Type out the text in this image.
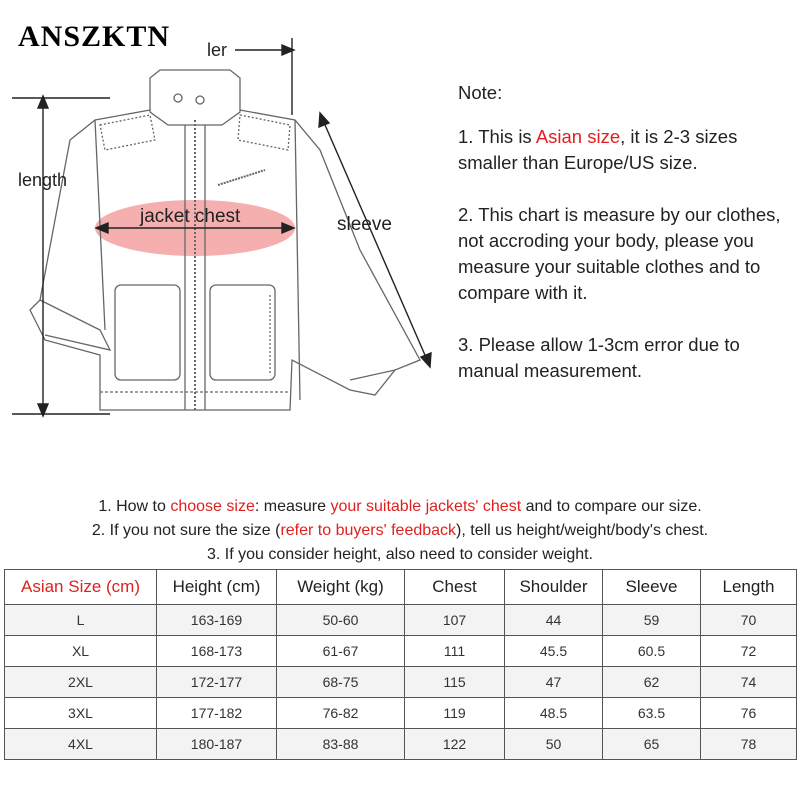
ler
length
jacket chest	sleeve
ANSZKTN
Note:
1. This is Asian size, it is 2-3 sizes smaller than Europe/US size.
2. This chart is measure by our clothes, not accroding your body, please you measure your suitable clothes and to compare with it.
3. Please allow 1-3cm error due to manual measurement.
1. How to choose size: measure your suitable jackets' chest and to compare our size.
2. If you not sure the size (refer to buyers' feedback), tell us height/weight/body's chest.
3. If you consider height, also need to consider weight.
Asian Size (cm)	Height (cm)	Weight (kg)	Chest	Shoulder	Sleeve	Length
L	163-169	50-60	107	44	59	70
XL	168-173	61-67	111	45.5	60.5	72
2XL	172-177	68-75	115	47	62	74
3XL	177-182	76-82	119	48.5	63.5	76
4XL	180-187	83-88	122	50	65	78
